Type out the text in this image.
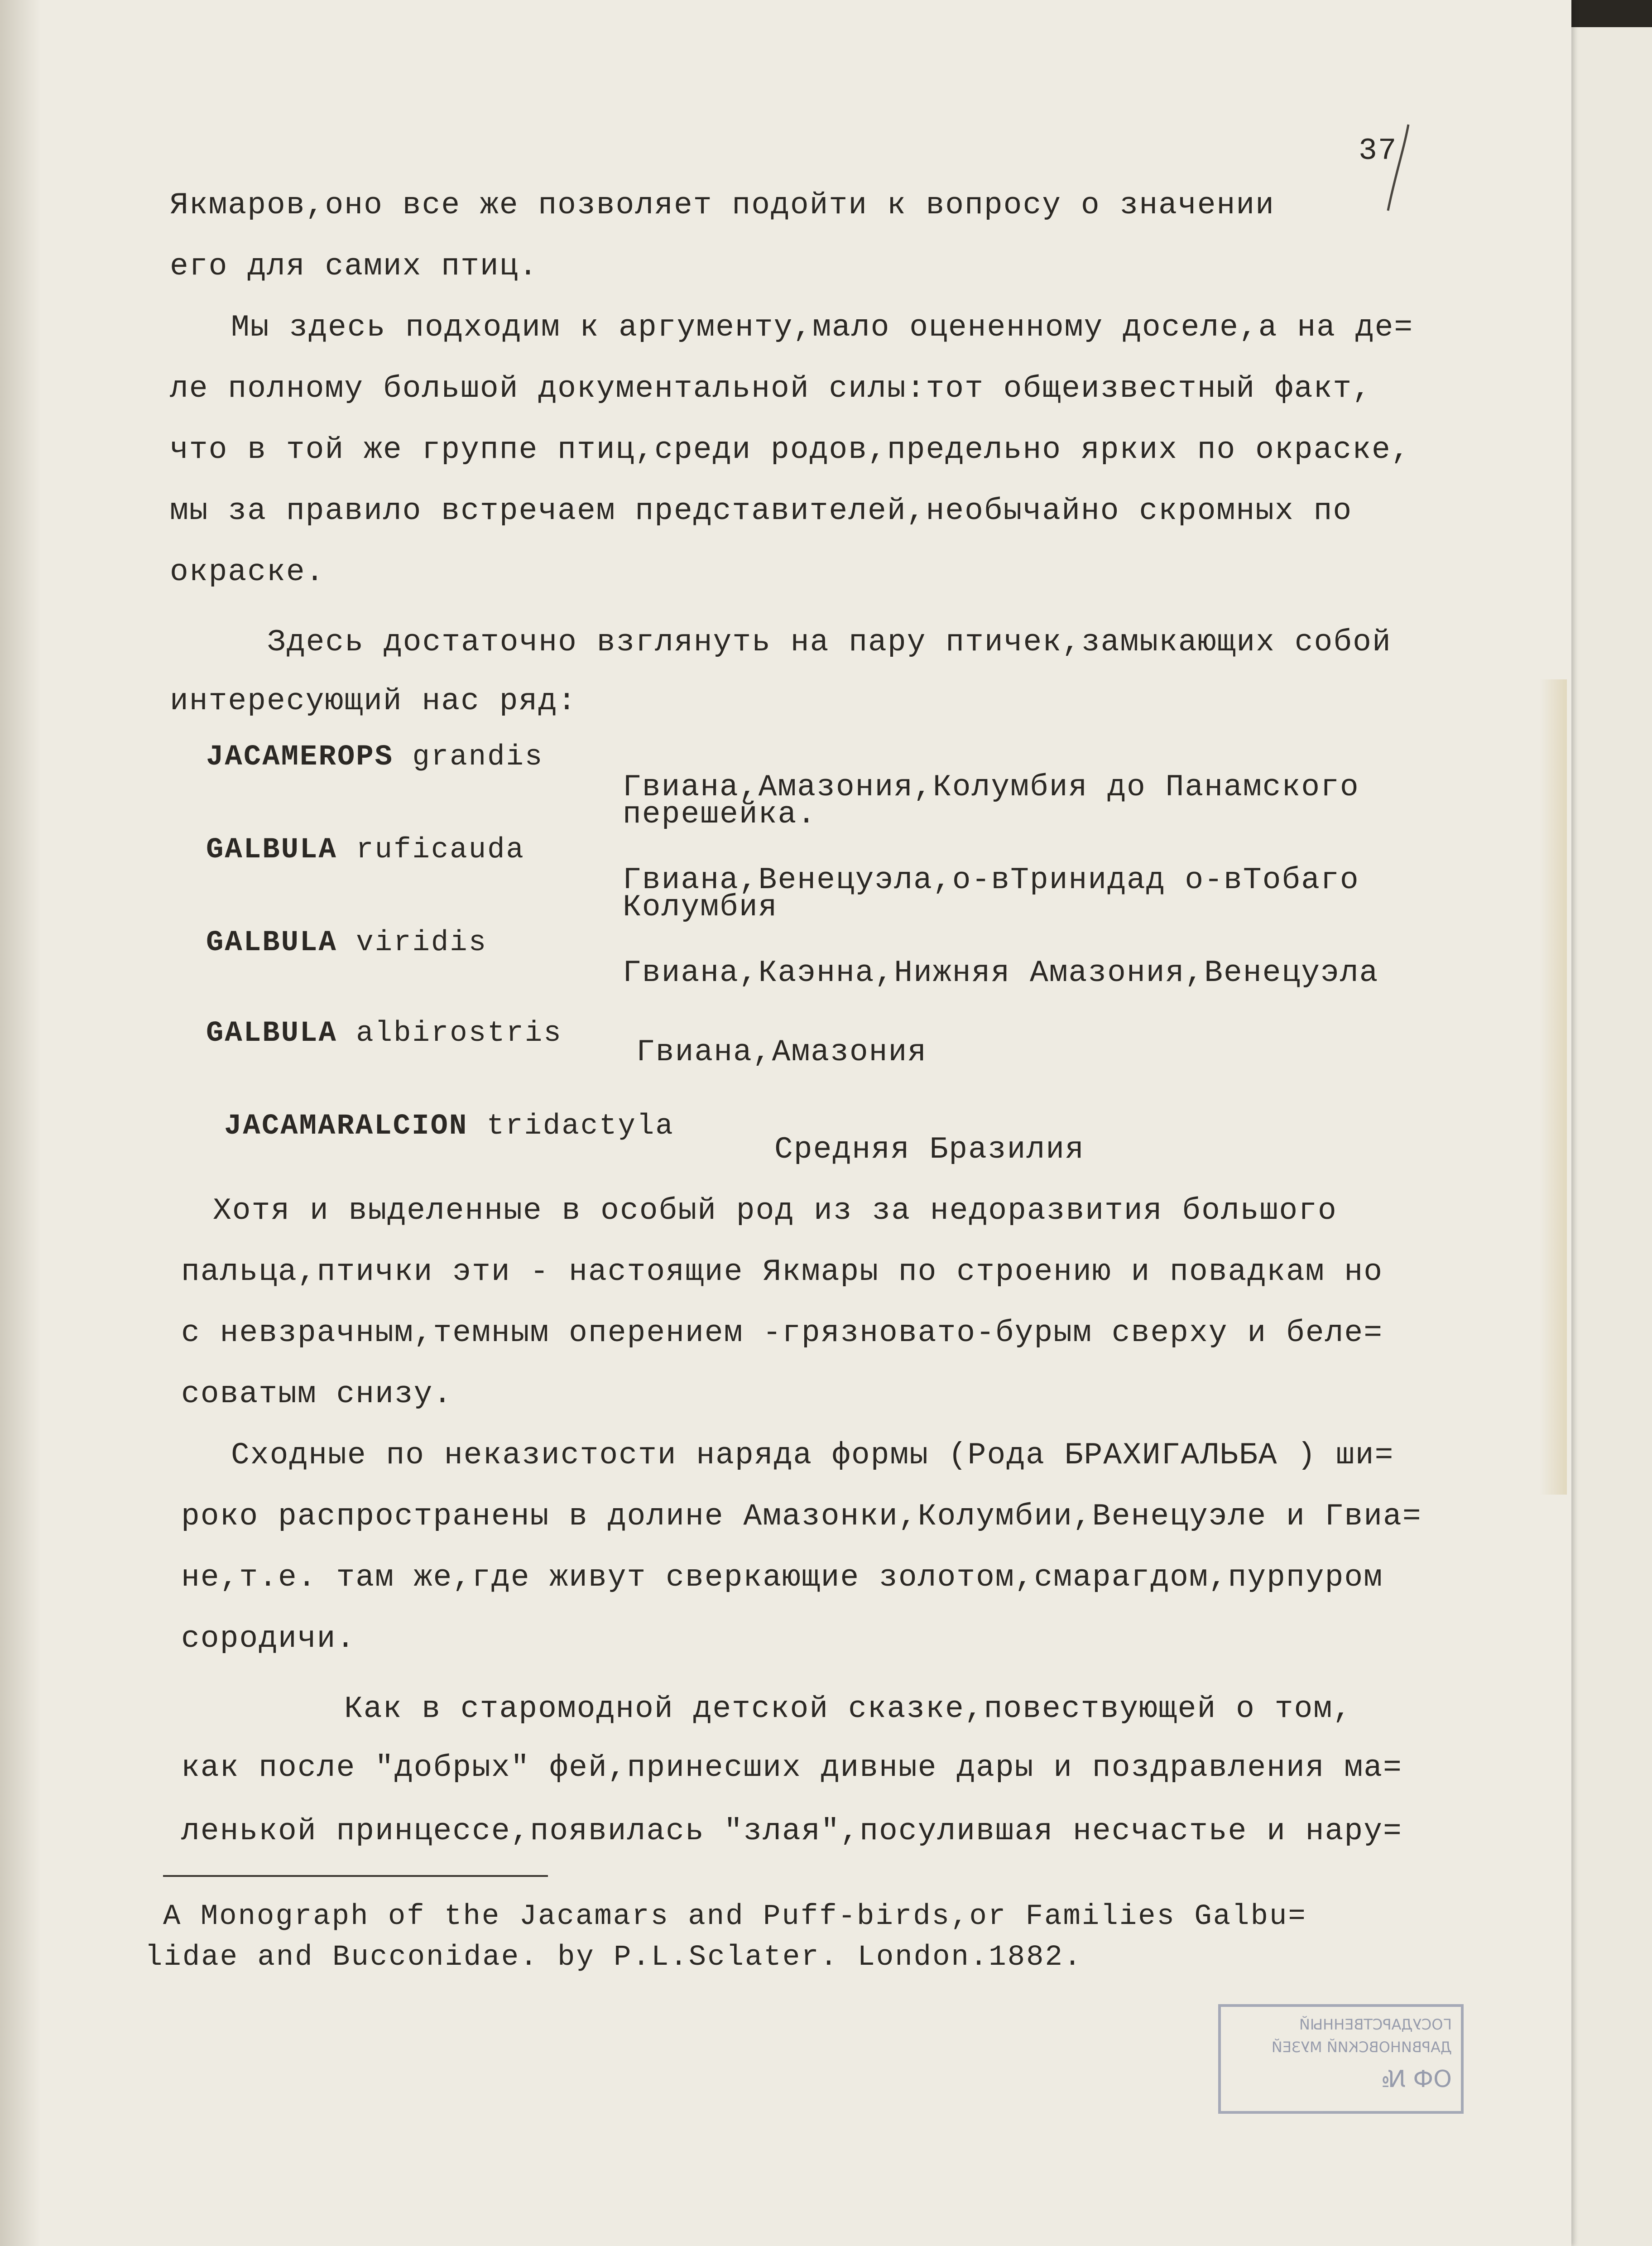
37
Якмаров,оно все же позволяет подойти к вопросу о значении
его для самих птиц.
Мы здесь подходим к аргументу,мало оцененному доселе,а на де=
ле полному большой документальной силы:тот общеизвестный факт,
что в той же группе птиц,среди родов,предельно ярких по окраске,
мы за правило встречаем представителей,необычайно скромных по
окраске.
Здесь достаточно взглянуть на пару птичек,замыкающих собой
интересующий нас ряд:
JACAMEROPS grandis
Гвиана,Амазония,Колумбия до Панамского
перешейка.
GALBULA ruficauda
Гвиана,Венецуэла,о-вТринидад о-вТобаго
Колумбия
GALBULA viridis
Гвиана,Каэнна,Нижняя Амазония,Венецуэла
GALBULA albirostris
Гвиана,Амазония
JACAMARALCION tridactyla
Средняя Бразилия
Хотя и выделенные в особый род из за недоразвития большого
пальца,птички эти - настоящие Якмары по строению и повадкам но
с невзрачным,темным оперением -грязновато-бурым сверху и беле=
соватым снизу.
Сходные по неказистости наряда формы (Рода БРАХИГАЛЬБА ) ши=
роко распространены в долине Амазонки,Колумбии,Венецуэле и Гвиа=
не,т.е. там же,где живут сверкающие золотом,смарагдом,пурпуром
сородичи.
Как в старомодной детской сказке,повествующей о том,
как после "добрых" фей,принесших дивные дары и поздравления ма=
ленькой принцессе,появилась "злая",посулившая несчастье и нару=
A Monograph of the Jacamars and Puff-birds,or Families Galbu=
lidae and Bucconidae. by P.L.Sclater. London.1882.
ГОСУДАРСТВЕННЫЙ
ДАРВИНОВСКИЙ МУЗЕЙ
ОФ №
